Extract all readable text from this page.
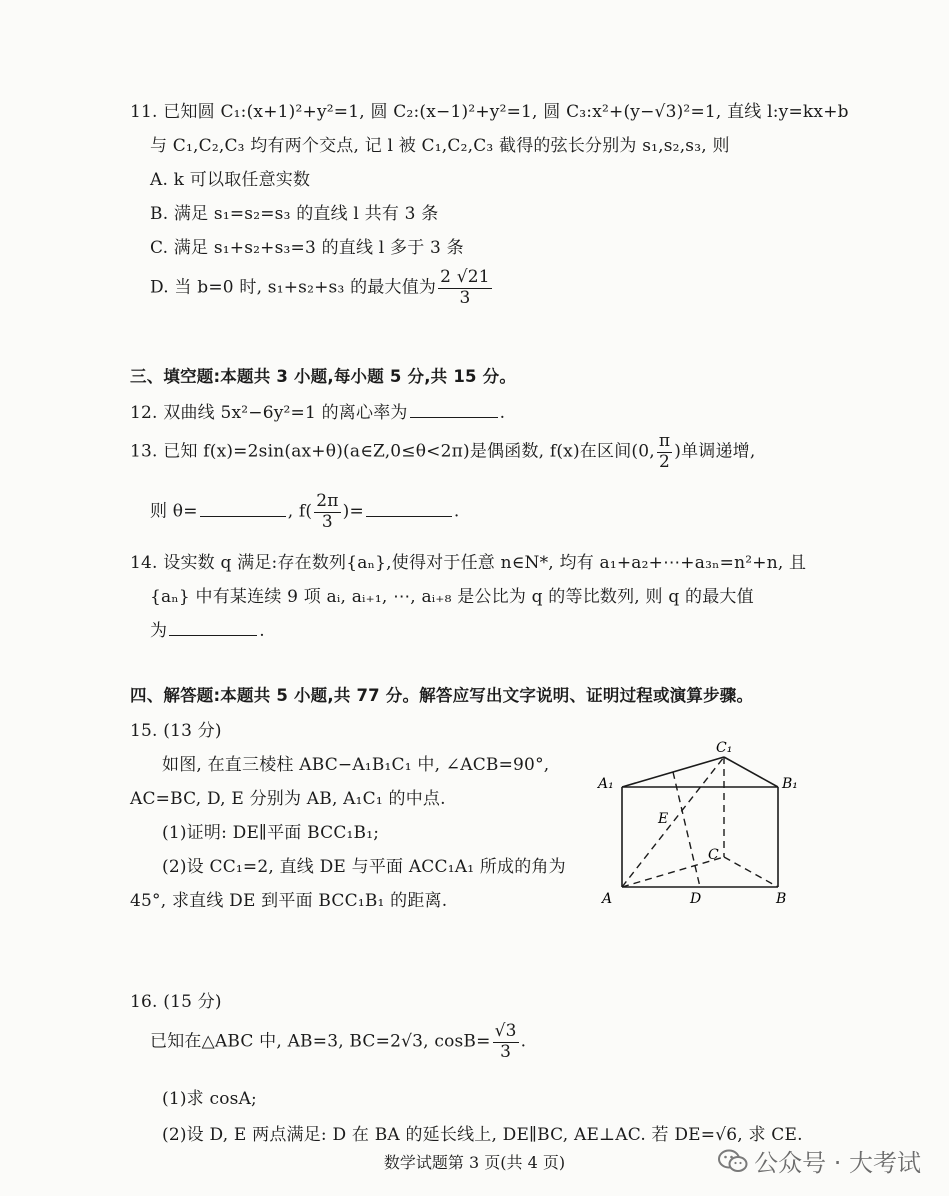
11. 已知圆 C₁:(x+1)²+y²=1, 圆 C₂:(x−1)²+y²=1, 圆 C₃:x²+(y−√3)²=1, 直线 l:y=kx+b
与 C₁,C₂,C₃ 均有两个交点, 记 l 被 C₁,C₂,C₃ 截得的弦长分别为 s₁,s₂,s₃, 则
A. k 可以取任意实数
B. 满足 s₁=s₂=s₃ 的直线 l 共有 3 条
C. 满足 s₁+s₂+s₃=3 的直线 l 多于 3 条
D. 当 b=0 时, s₁+s₂+s₃ 的最大值为 $\frac{2 √21}{3}$
三、填空题:本题共 3 小题,每小题 5 分,共 15 分。
12. 双曲线 5x²−6y²=1 的离心率为	.
13. 已知 f(x)=2sin(ax+θ)(a∈Z,0≤θ<2π)是偶函数, f(x)在区间(0, $\frac{\pi}{2}$ )单调递增,
则 θ=	, $f( \frac{2\pi}{3}$ )=	.
14. 设实数 q 满足:存在数列{aₙ},使得对于任意 n∈N*, 均有 a₁+a₂+⋯+a₃ₙ=n²+n, 且
{aₙ} 中有某连续 9 项 aᵢ, aᵢ₊₁, ⋯, aᵢ₊₈ 是公比为 q 的等比数列, 则 q 的最大值
为	.
四、解答题:本题共 5 小题,共 77 分。解答应写出文字说明、证明过程或演算步骤。
15. (13 分)
如图, 在直三棱柱 ABC−A₁B₁C₁ 中, ∠ACB=90°,
AC=BC, D, E 分别为 AB, A₁C₁ 的中点.
(1)证明: DE∥平面 BCC₁B₁;
(2)设 CC₁=2, 直线 DE 与平面 ACC₁A₁ 所成的角为
45°, 求直线 DE 到平面 BCC₁B₁ 的距离.
C₁
A₁	B₁
E
C
A	D	B
16. (15 分)
已知在△ABC 中, AB=3, BC=2√3, $\cos B= \frac{√3}{3}$ .
(1)求 cosA;
(2)设 D, E 两点满足: D 在 BA 的延长线上, DE∥BC, AE⊥AC. 若 DE=√6, 求 CE.
数学试题第 3 页(共 4 页)	公众号 · 大考试
